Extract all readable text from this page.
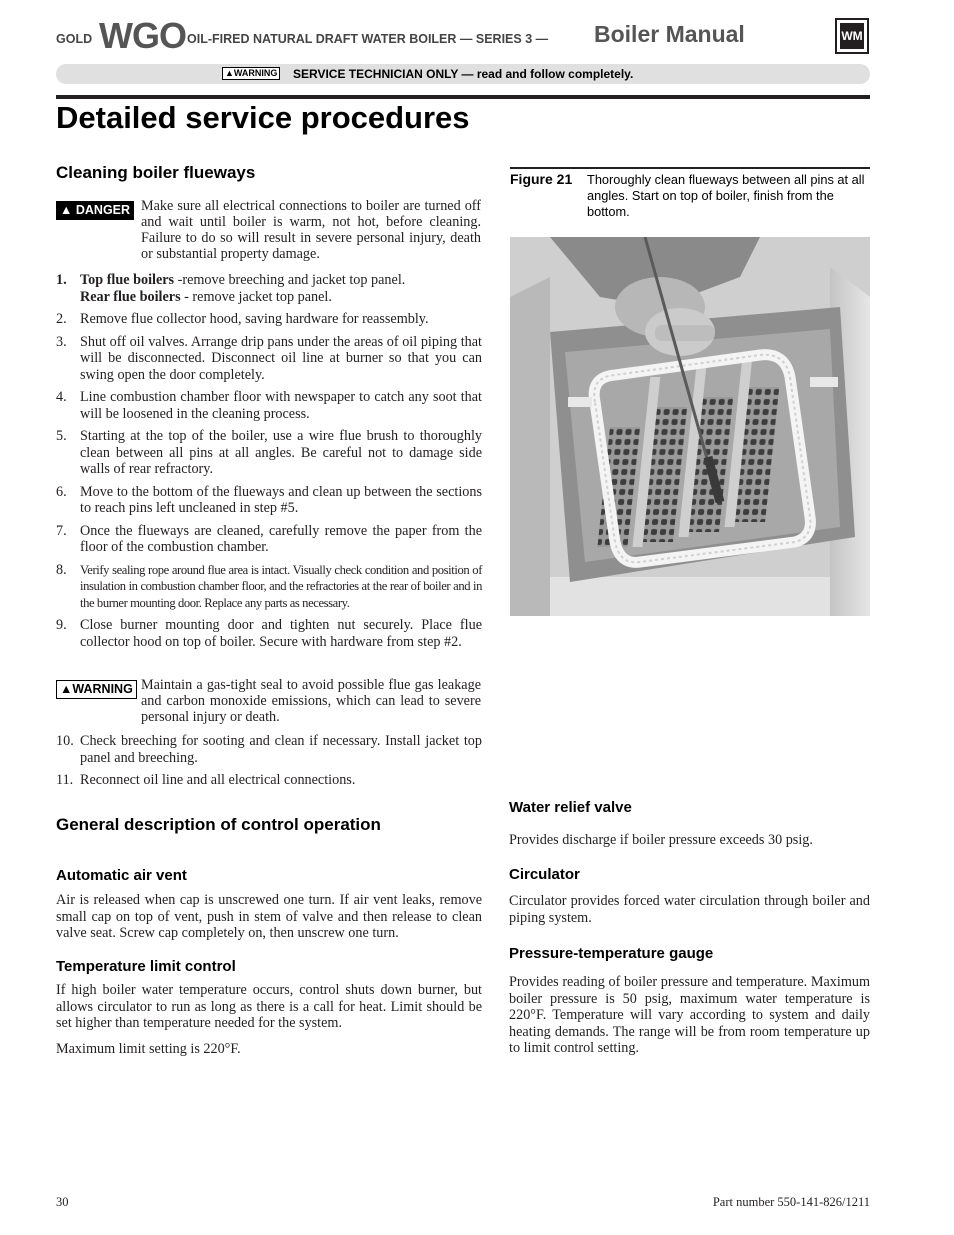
GOLD WGO OIL-FIRED NATURAL DRAFT WATER BOILER — SERIES 3 — Boiler Manual	WM
▲WARNING SERVICE TECHNICIAN ONLY — read and follow completely.
Detailed service procedures
Cleaning boiler flueways
▲ DANGER Make sure all electrical connections to boiler are turned off and wait until boiler is warm, not hot, before cleaning. Failure to do so will result in severe personal injury, death or substantial property damage.
1. Top flue boilers -remove breeching and jacket top panel.
Rear flue boilers - remove jacket top panel.
2. Remove flue collector hood, saving hardware for reassembly.
3. Shut off oil valves. Arrange drip pans under the areas of oil piping that will be disconnected. Disconnect oil line at burner so that you can swing open the door completely.
4. Line combustion chamber floor with newspaper to catch any soot that will be loosened in the cleaning process.
5. Starting at the top of the boiler, use a wire flue brush to thoroughly clean between all pins at all angles. Be careful not to damage side walls of rear refractory.
6. Move to the bottom of the flueways and clean up between the sections to reach pins left uncleaned in step #5.
7. Once the flueways are cleaned, carefully remove the paper from the floor of the combustion chamber.
8. Verify sealing rope around flue area is intact. Visually check condition and position of insulation in combustion chamber floor, and the refractories at the rear of boiler and in the burner mounting door. Replace any parts as necessary.
9. Close burner mounting door and tighten nut securely. Place flue collector hood on top of boiler. Secure with hardware from step #2.
▲WARNING Maintain a gas-tight seal to avoid possible flue gas leakage and carbon monoxide emissions, which can lead to severe personal injury or death.
10. Check breeching for sooting and clean if necessary. Install jacket top panel and breeching.
11. Reconnect oil line and all electrical connections.
General description of control operation
Automatic air vent
Air is released when cap is unscrewed one turn. If air vent leaks, remove small cap on top of vent, push in stem of valve and then release to clean valve seat. Screw cap completely on, then unscrew one turn.
Temperature limit control
If high boiler water temperature occurs, control shuts down burner, but allows circulator to run as long as there is a call for heat. Limit should be set higher than temperature needed for the system.
Maximum limit setting is 220°F.
Figure 21 Thoroughly clean flueways between all pins at all angles. Start on top of boiler, finish from the bottom.
Water relief valve
Provides discharge if boiler pressure exceeds 30 psig.
Circulator
Circulator provides forced water circulation through boiler and piping system.
Pressure-temperature gauge
Provides reading of boiler pressure and temperature. Maximum boiler pressure is 50 psig, maximum water temperature is 220°F. Temperature will vary according to system and daily heating demands. The range will be from room temperature up to limit control setting.
30	Part number 550-141-826/1211
